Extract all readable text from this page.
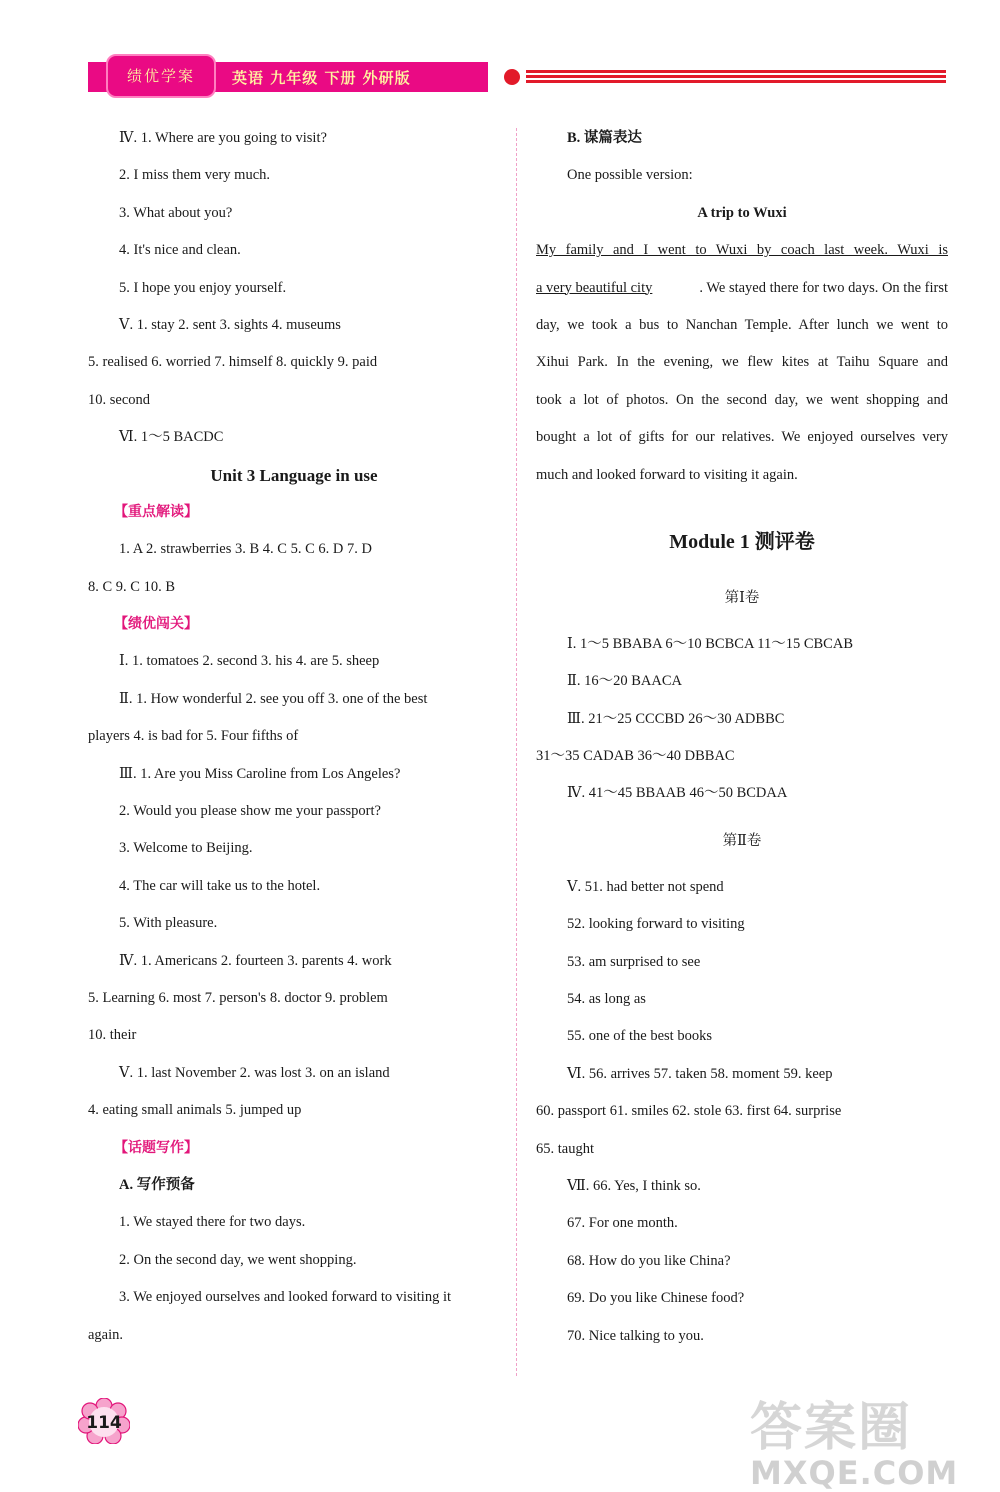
绩优学案	英语 九年级 下册 外研版
Ⅳ. 1. Where are you going to visit?
2. I miss them very much.
3. What about you?
4. It's nice and clean.
5. I hope you enjoy yourself.
Ⅴ. 1. stay 2. sent 3. sights 4. museums
5. realised 6. worried 7. himself 8. quickly 9. paid
10. second
Ⅵ. 1～5 BACDC
Unit 3 Language in use
【重点解读】
1. A 2. strawberries 3. B 4. C 5. C 6. D 7. D
8. C 9. C 10. B
【绩优闯关】
Ⅰ. 1. tomatoes 2. second 3. his 4. are 5. sheep
Ⅱ. 1. How wonderful 2. see you off 3. one of the best
players 4. is bad for 5. Four fifths of
Ⅲ. 1. Are you Miss Caroline from Los Angeles?
2. Would you please show me your passport?
3. Welcome to Beijing.
4. The car will take us to the hotel.
5. With pleasure.
Ⅳ. 1. Americans 2. fourteen 3. parents 4. work
5. Learning 6. most 7. person's 8. doctor 9. problem
10. their
Ⅴ. 1. last November 2. was lost 3. on an island
4. eating small animals 5. jumped up
【话题写作】
A. 写作预备
1. We stayed there for two days.
2. On the second day, we went shopping.
3. We enjoyed ourselves and looked forward to visiting it
again.
B. 谋篇表达
One possible version:
A trip to Wuxi
My family and I went to Wuxi by coach last week. Wuxi is
a very beautiful city	. We stayed there for two days. On the first
day, we took a bus to Nanchan Temple. After lunch we went to
Xihui Park. In the evening, we flew kites at Taihu Square and
took a lot of photos. On the second day, we went shopping and
bought a lot of gifts for our relatives. We enjoyed ourselves very
much and looked forward to visiting it again.
Module 1 测评卷
第Ⅰ卷
Ⅰ. 1～5 BBABA 6～10 BCBCA 11～15 CBCAB
Ⅱ. 16～20 BAACA
Ⅲ. 21～25 CCCBD 26～30 ADBBC
31～35 CADAB 36～40 DBBAC
Ⅳ. 41～45 BBAAB 46～50 BCDAA
第Ⅱ卷
Ⅴ. 51. had better not spend
52. looking forward to visiting
53. am surprised to see
54. as long as
55. one of the best books
Ⅵ. 56. arrives 57. taken 58. moment 59. keep
60. passport 61. smiles 62. stole 63. first 64. surprise
65. taught
Ⅶ. 66. Yes, I think so.
67. For one month.
68. How do you like China?
69. Do you like Chinese food?
70. Nice talking to you.
114	答案圈
MXQE.COM
